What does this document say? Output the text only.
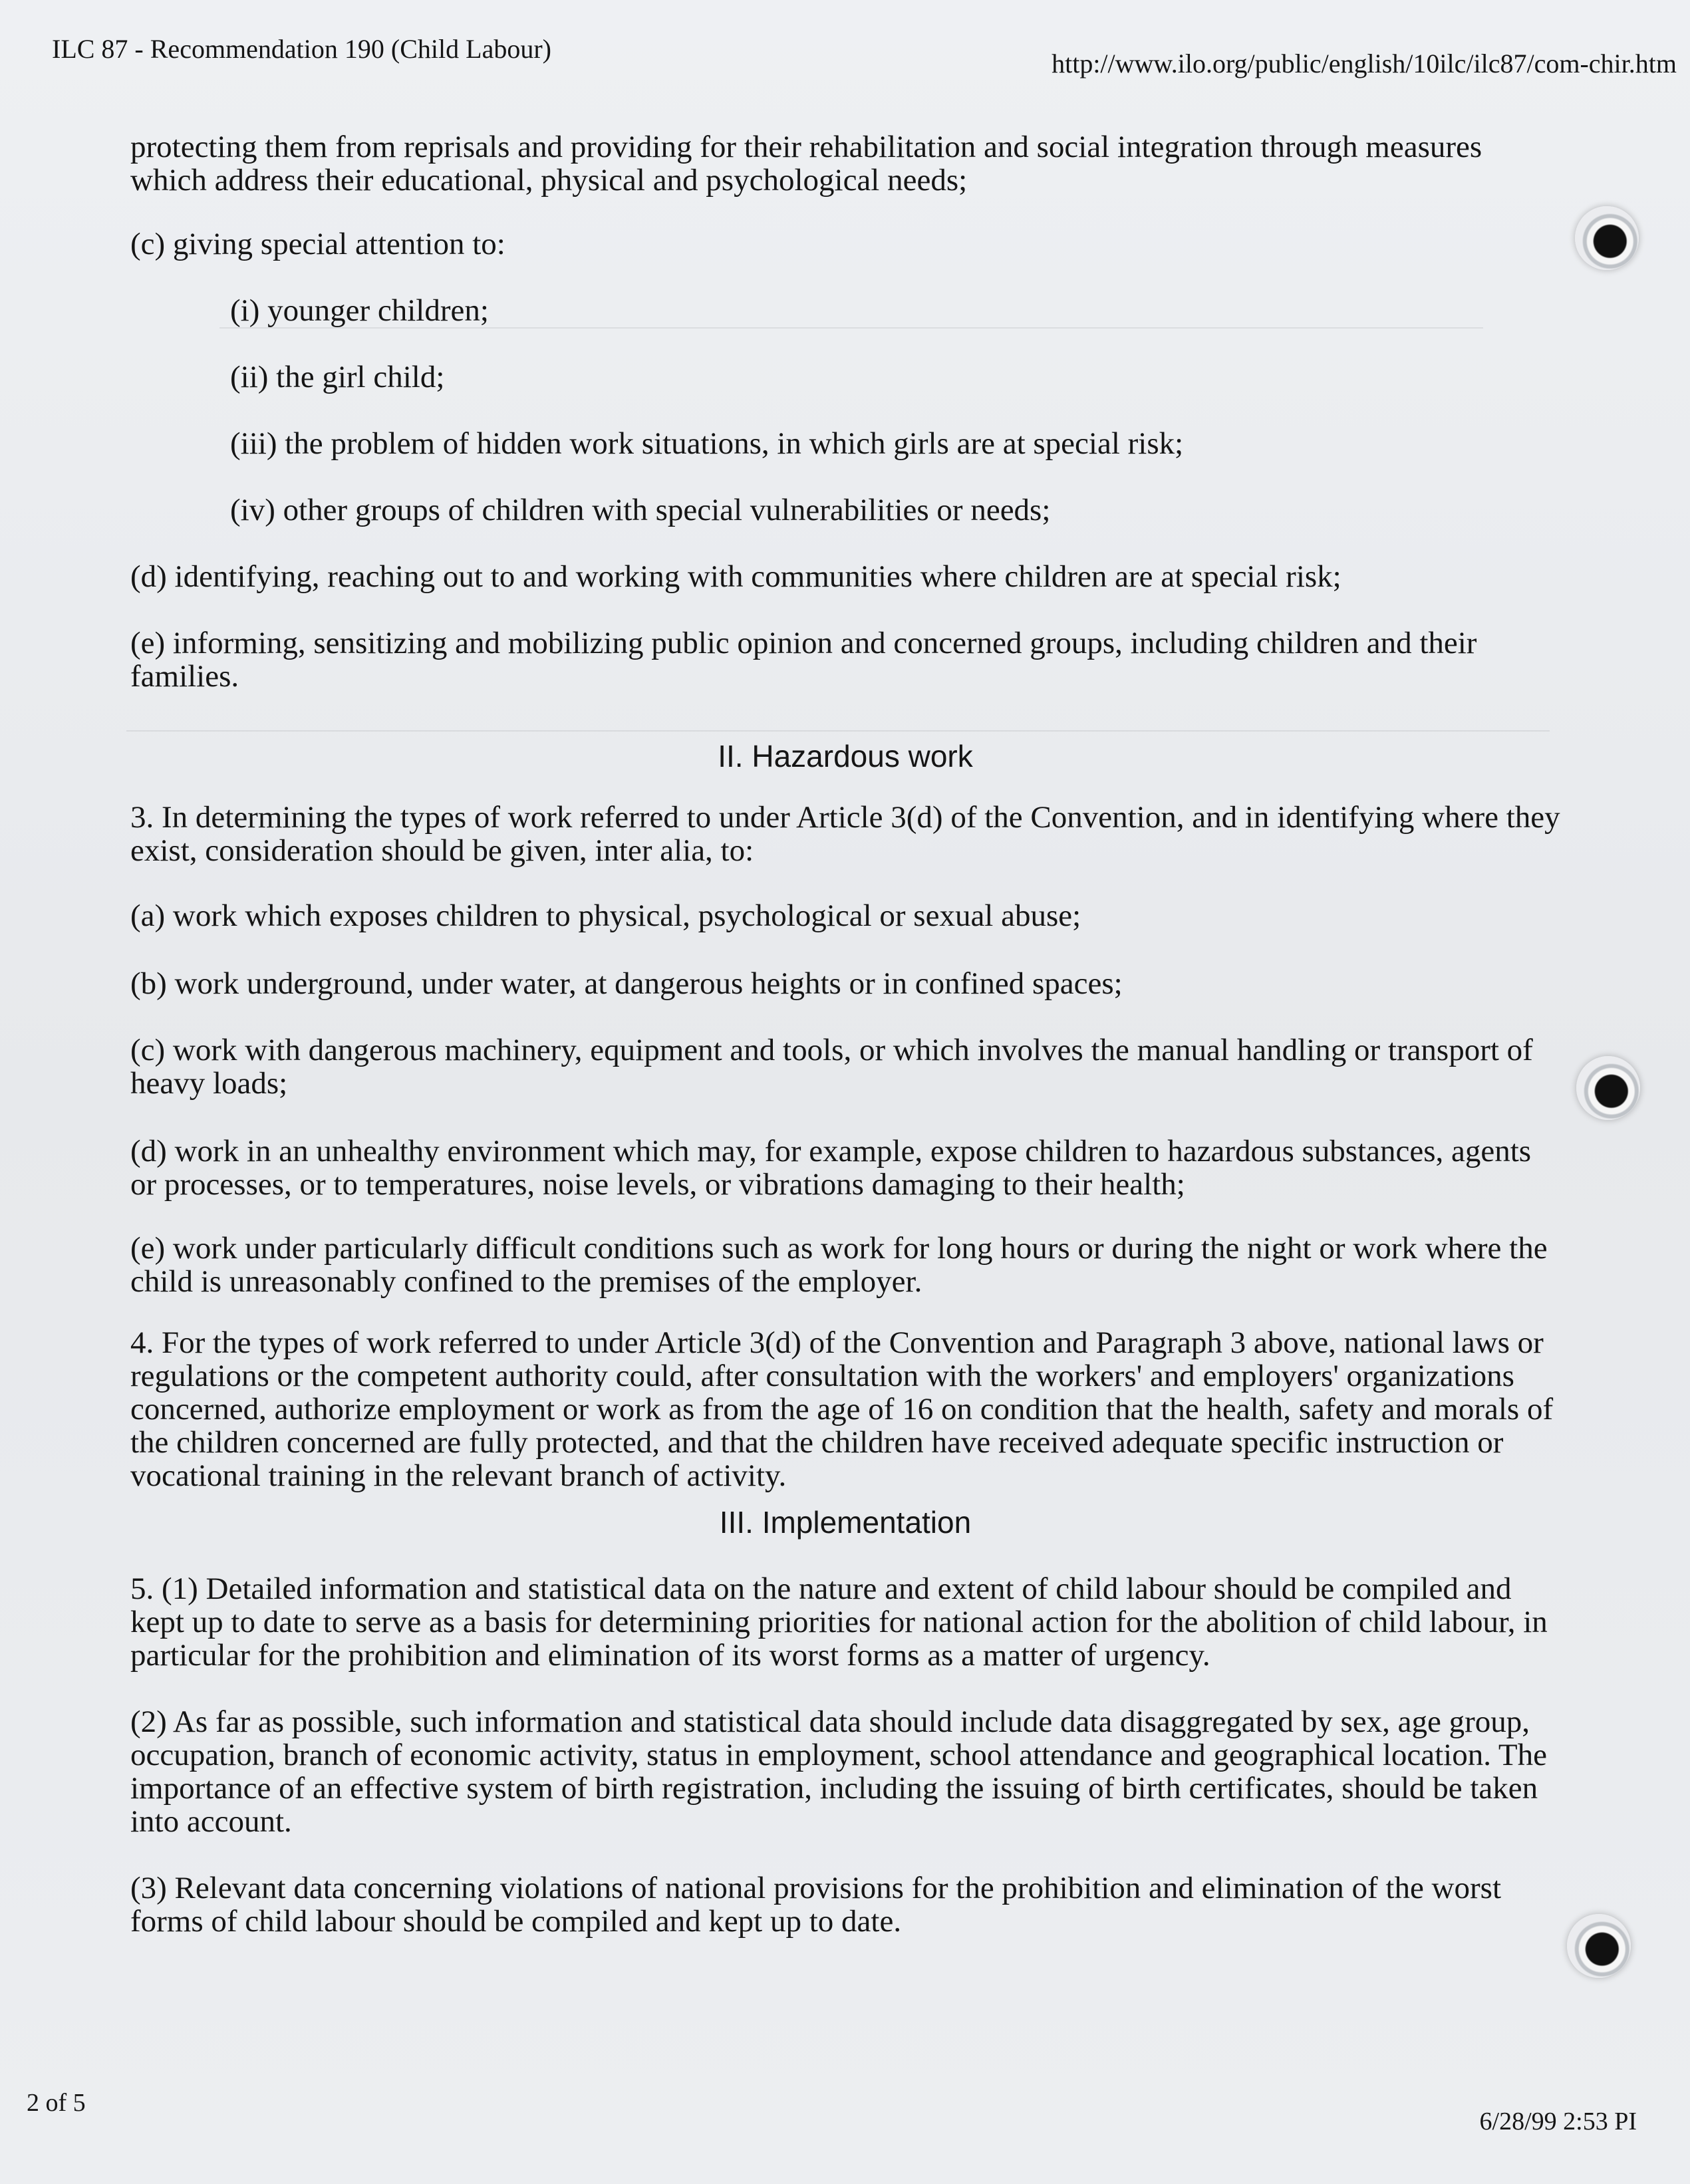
ILC 87 - Recommendation 190 (Child Labour)	http://www.ilo.org/public/english/10ilc/ilc87/com-chir.htm

protecting them from reprisals and providing for their rehabilitation and social integration through measures which address their educational, physical and psychological needs;

(c) giving special attention to:

(i) younger children;

(ii) the girl child;

(iii) the problem of hidden work situations, in which girls are at special risk;

(iv) other groups of children with special vulnerabilities or needs;

(d) identifying, reaching out to and working with communities where children are at special risk;

(e) informing, sensitizing and mobilizing public opinion and concerned groups, including children and their families.

II. Hazardous work

3. In determining the types of work referred to under Article 3(d) of the Convention, and in identifying where they exist, consideration should be given, inter alia, to:

(a) work which exposes children to physical, psychological or sexual abuse;

(b) work underground, under water, at dangerous heights or in confined spaces;

(c) work with dangerous machinery, equipment and tools, or which involves the manual handling or transport of heavy loads;

(d) work in an unhealthy environment which may, for example, expose children to hazardous substances, agents or processes, or to temperatures, noise levels, or vibrations damaging to their health;

(e) work under particularly difficult conditions such as work for long hours or during the night or work where the child is unreasonably confined to the premises of the employer.

4. For the types of work referred to under Article 3(d) of the Convention and Paragraph 3 above, national laws or regulations or the competent authority could, after consultation with the workers' and employers' organizations concerned, authorize employment or work as from the age of 16 on condition that the health, safety and morals of the children concerned are fully protected, and that the children have received adequate specific instruction or vocational training in the relevant branch of activity.

III. Implementation

5. (1) Detailed information and statistical data on the nature and extent of child labour should be compiled and kept up to date to serve as a basis for determining priorities for national action for the abolition of child labour, in particular for the prohibition and elimination of its worst forms as a matter of urgency.

(2) As far as possible, such information and statistical data should include data disaggregated by sex, age group, occupation, branch of economic activity, status in employment, school attendance and geographical location. The importance of an effective system of birth registration, including the issuing of birth certificates, should be taken into account.

(3) Relevant data concerning violations of national provisions for the prohibition and elimination of the worst forms of child labour should be compiled and kept up to date.

2 of 5
6/28/99 2:53 PI
